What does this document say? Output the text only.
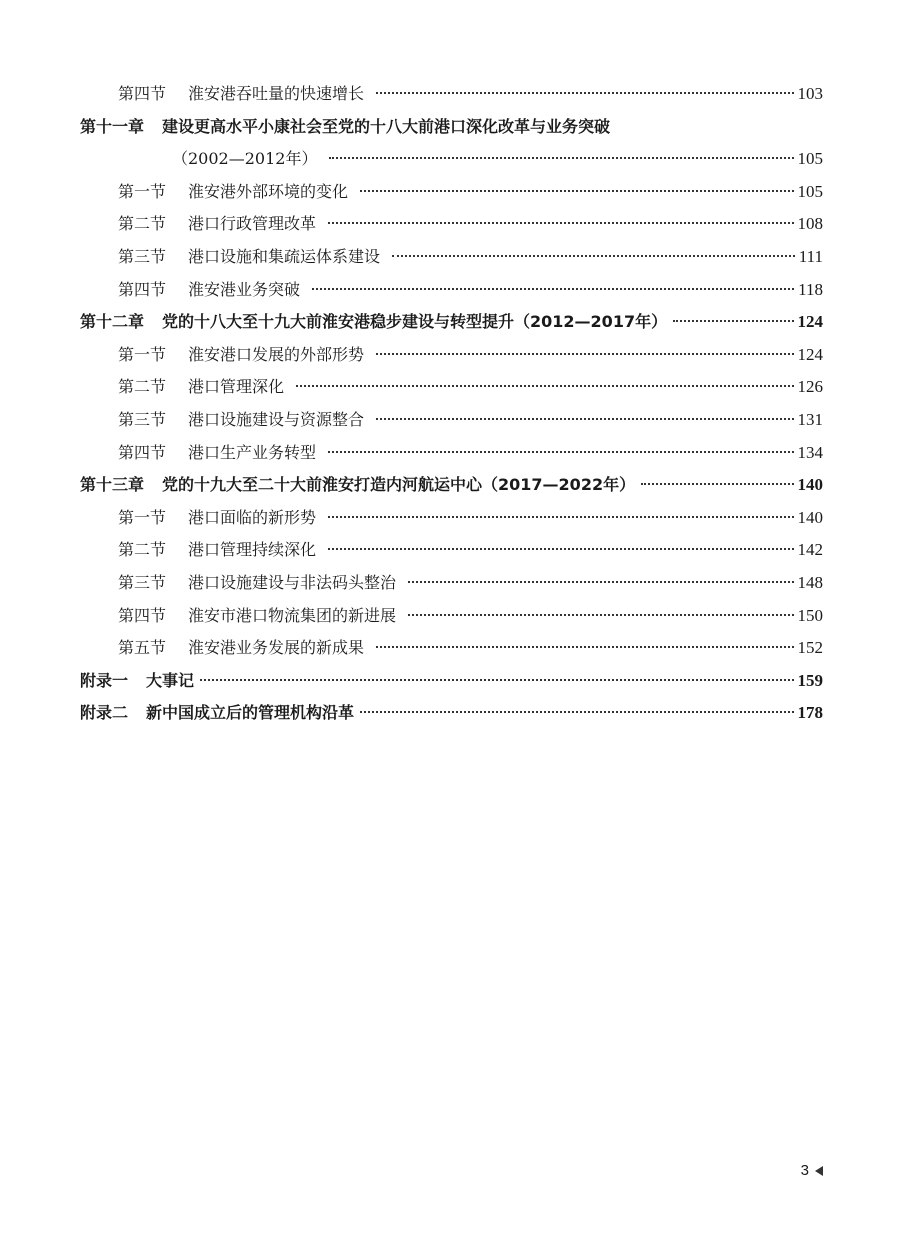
第四节 淮安港吞吐量的快速增长	103
第十一章 建设更高水平小康社会至党的十八大前港口深化改革与业务突破
（2002—2012年）	105
第一节 淮安港外部环境的变化	105
第二节 港口行政管理改革	108
第三节 港口设施和集疏运体系建设	111
第四节 淮安港业务突破	118
第十二章 党的十八大至十九大前淮安港稳步建设与转型提升（2012—2017年）	124
第一节 淮安港口发展的外部形势	124
第二节 港口管理深化	126
第三节 港口设施建设与资源整合	131
第四节 港口生产业务转型	134
第十三章 党的十九大至二十大前淮安打造内河航运中心（2017—2022年）	140
第一节 港口面临的新形势	140
第二节 港口管理持续深化	142
第三节 港口设施建设与非法码头整治	148
第四节 淮安市港口物流集团的新进展	150
第五节 淮安港业务发展的新成果	152
附录一 大事记	159
附录二 新中国成立后的管理机构沿革	178
3
